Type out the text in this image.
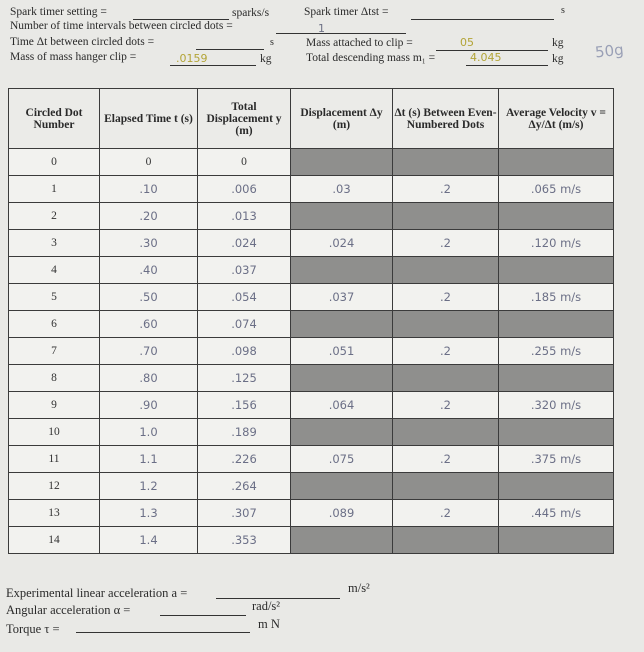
Spark timer setting =	sparks/s	Spark timer Δtst =	s
Number of time intervals between circled dots =	1
Time Δt between circled dots =	s	Mass attached to clip =	05	kg
Mass of mass hanger clip =	.0159	kg	Total descending mass m₁ =	4.045	kg 50g
Circled Dot Number	Elapsed Time t (s)	Total Displacement y (m)	Displacement Δy (m)	Δt (s) Between Even-Numbered Dots	Average Velocity v = Δy/Δt (m/s)
0	0	0			
1	.10	.006	.03	.2	.065 m/s
2	.20	.013			
3	.30	.024	.024	.2	.120 m/s
4	.40	.037			
5	.50	.054	.037	.2	.185 m/s
6	.60	.074			
7	.70	.098	.051	.2	.255 m/s
8	.80	.125			
9	.90	.156	.064	.2	.320 m/s
10	1.0	.189			
11	1.1	.226	.075	.2	.375 m/s
12	1.2	.264			
13	1.3	.307	.089	.2	.445 m/s
14	1.4	.353			
Experimental linear acceleration a =	m/s²
Angular acceleration α =	rad/s²
Torque τ =	m N
